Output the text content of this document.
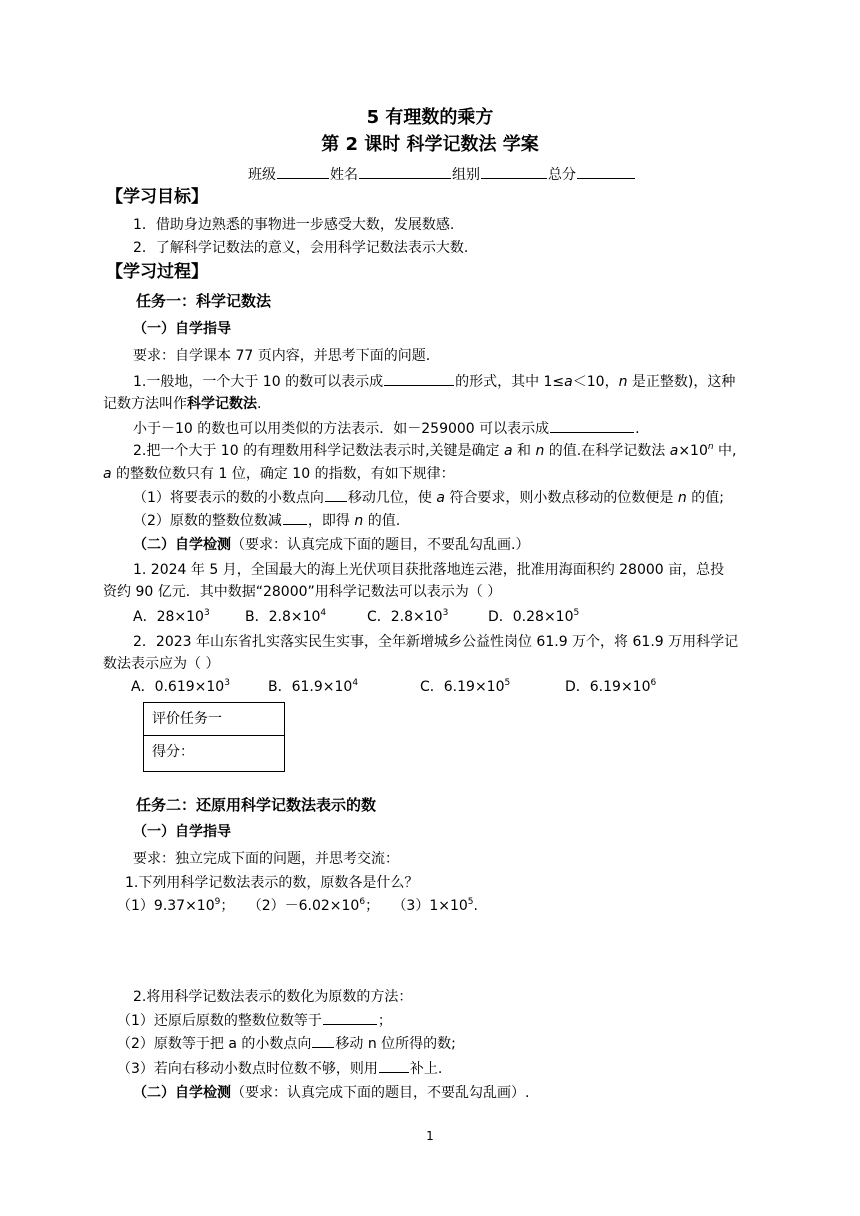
5 有理数的乘方
第 2 课时 科学记数法 学案
班级	姓名	组别	总分
【学习目标】
1．借助身边熟悉的事物进一步感受大数，发展数感.
2．了解科学记数法的意义，会用科学记数法表示大数.
【学习过程】
任务一：科学记数法
（一）自学指导
要求：自学课本 77 页内容，并思考下面的问题.
1.一般地，一个大于 10 的数可以表示成	的形式，其中 1≤a＜10，n 是正整数)，这种
记数方法叫作科学记数法.
小于－10 的数也可以用类似的方法表示．如－259000 可以表示成	.
2.把一个大于 10 的有理数用科学记数法表示时,关键是确定 a 和 n 的值.在科学记数法 $a\times 10^n$ 中,
a 的整数位数只有 1 位，确定 10 的指数，有如下规律：
（1）将要表示的数的小数点向 移动几位，使 a 符合要求，则小数点移动的位数便是 n 的值;
（2）原数的整数位数减 ，即得 n 的值.
（二）自学检测（要求：认真完成下面的题目，不要乱勾乱画.）
1. 2024 年 5 月，全国最大的海上光伏项目获批落地连云港，批准用海面积约 28000 亩，总投
资约 90 亿元．其中数据“28000”用科学记数法可以表示为（ ）
A．$28\times 10^3$	B．$2.8\times 10^4$	C．$2.8\times 10^3$	D．$0.28\times 10^5$
2．2023 年山东省扎实落实民生实事，全年新增城乡公益性岗位 61.9 万个，将 61.9 万用科学记
数法表示应为（ ）
A．$0.619\times 10^3$	B．$61.9\times 10^4$	C．$6.19\times 10^5$	D．$6.19\times 10^6$
评价任务一
得分：
任务二：还原用科学记数法表示的数
（一）自学指导
要求：独立完成下面的问题，并思考交流：
1.下列用科学记数法表示的数，原数各是什么？
$(1)9.37\times 10^9$； $(2)-6.02\times 10^6$； $(3)1\times 10^5$.
2.将用科学记数法表示的数化为原数的方法：
（1）还原后原数的整数位数等于	；
（2）原数等于把 a 的小数点向 移动 n 位所得的数;
（3）若向右移动小数点时位数不够，则用 补上.
（二）自学检测（要求：认真完成下面的题目，不要乱勾乱画）.
1
